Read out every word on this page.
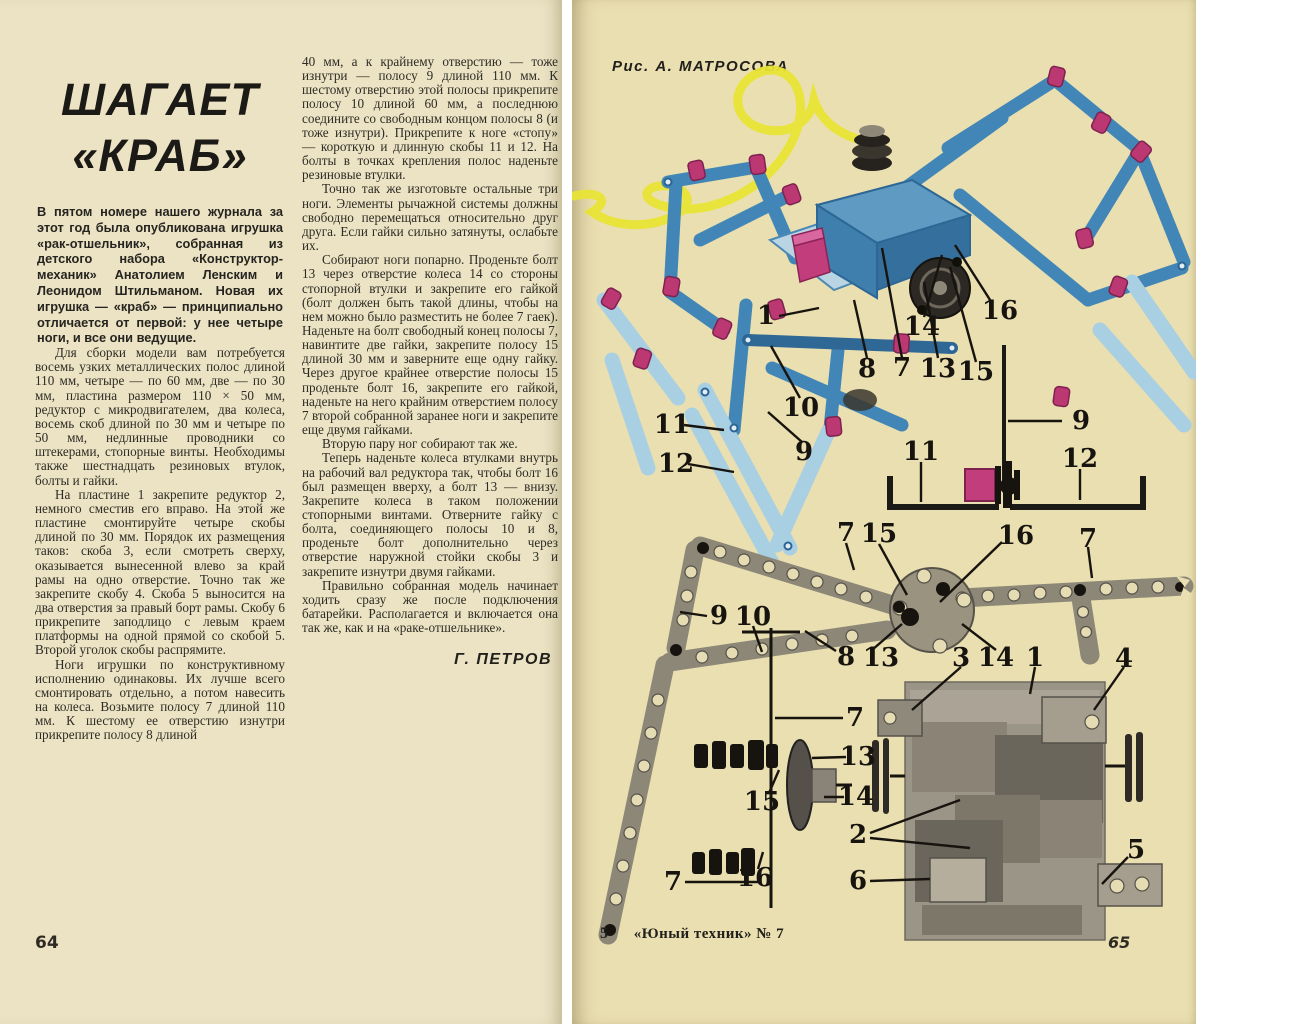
ШАГАЕТ
«КРАБ»

В пятом номере нашего журнала за этот год была опубликована игрушка «рак-отшельник», собранная из детского набора «Конструктор-механик» Анатолием Ленским и Леонидом Штильманом. Новая их игрушка — «краб» — принципиально отличается от первой: у нее четыре ноги, и все они ведущие.

Для сборки модели вам потребуется восемь узких металлических полос длиной 110 мм, четыре — по 60 мм, две — по 30 мм, пластина размером 110 × 50 мм, редуктор с микродвигателем, два колеса, восемь скоб длиной по 30 мм и четыре по 50 мм, недлинные проводники со штекерами, стопорные винты. Необходимы также шестнадцать резиновых втулок, болты и гайки.

На пластине 1 закрепите редуктор 2, немного сместив его вправо. На этой же пластине смонтируйте четыре скобы длиной по 30 мм. Порядок их размещения таков: скоба 3, если смотреть сверху, оказывается вынесенной влево за край рамы на одно отверстие. Точно так же закрепите скобу 4. Скоба 5 выносится на два отверстия за правый борт рамы. Скобу 6 прикрепите заподлицо с левым краем платформы на одной прямой со скобой 5. Второй уголок скобы распрямите.

Ноги игрушки по конструктивному исполнению одинаковы. Их лучше всего смонтировать отдельно, а потом навесить на колеса. Возьмите полосу 7 длиной 110 мм. К шестому ее отверстию изнутри прикрепите полосу 8 длиной

40 мм, а к крайнему отверстию — тоже изнутри — полосу 9 длиной 110 мм. К шестому отверстию этой полосы прикрепите полосу 10 длиной 60 мм, а последнюю соедините со свободным концом полосы 8 (и тоже изнутри). Прикрепите к ноге «стопу» — короткую и длинную скобы 11 и 12. На болты в точках крепления полос наденьте резиновые втулки.

Точно так же изготовьте остальные три ноги. Элементы рычажной системы должны свободно перемещаться относительно друг друга. Если гайки сильно затянуты, ослабьте их.

Собирают ноги попарно. Проденьте болт 13 через отверстие колеса 14 со стороны стопорной втулки и закрепите его гайкой (болт должен быть такой длины, чтобы на нем можно было разместить не более 7 гаек). Наденьте на болт свободный конец полосы 7, навинтите две гайки, закрепите полосу 15 длиной 30 мм и заверните еще одну гайку. Через другое крайнее отверстие полосы 15 проденьте болт 16, закрепите его гайкой, наденьте на него крайним отверстием полосу 7 второй собранной заранее ноги и закрепите еще двумя гайками.

Вторую пару ног собирают так же.

Теперь наденьте колеса втулками внутрь на рабочий вал редуктора так, чтобы болт 16 был размещен вверху, а болт 13 — внизу. Закрепите колеса в таком положении стопорными винтами. Отверните гайку с болта, соединяющего полосы 10 и 8, проденьте болт дополнительно через отверстие наружной стойки скобы 3 и закрепите изнутри двумя гайками.

Правильно собранная модель начинает ходить сразу же после подключения батарейки. Располагается и включается она так же, как и на «раке-отшельнике».

Г. ПЕТРОВ
64
Рис. А. МАТРОСОВА
1	14
16
8 7 13 15
10
9
11
12
9
11	12
7 15	16 7
9 10
8 13 3 14 1	4
7
13
14
2
6
15
16
7
5
5 «Юный техник» № 7	65
